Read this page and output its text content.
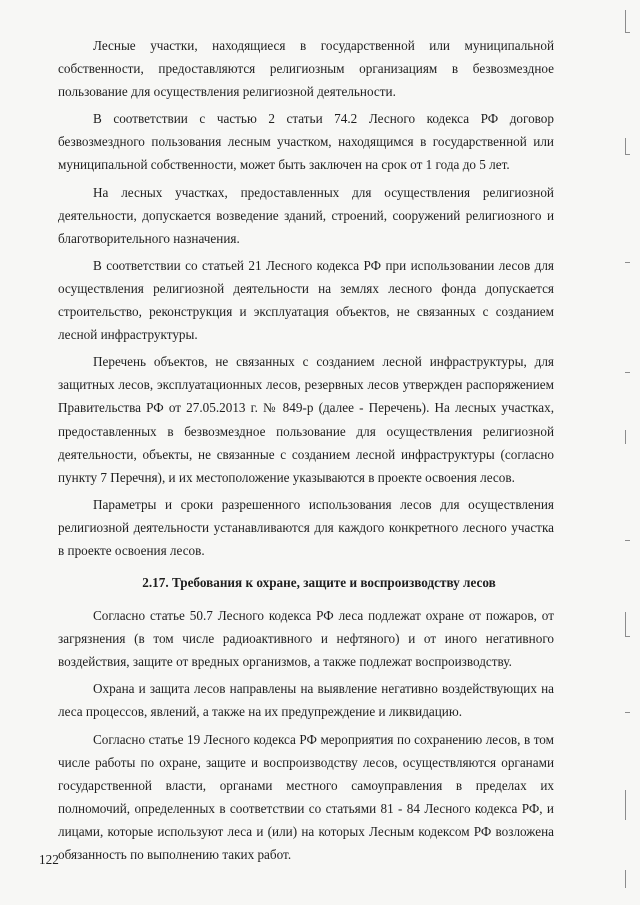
Лесные участки, находящиеся в государственной или муниципальной собственности, предоставляются религиозным организациям в безвозмездное пользование для осуществления религиозной деятельности.

В соответствии с частью 2 статьи 74.2 Лесного кодекса РФ договор безвозмездного пользования лесным участком, находящимся в государственной или муниципальной собственности, может быть заключен на срок от 1 года до 5 лет.

На лесных участках, предоставленных для осуществления религиозной деятельности, допускается возведение зданий, строений, сооружений религиозного и благотворительного назначения.

В соответствии со статьей 21 Лесного кодекса РФ при использовании лесов для осуществления религиозной деятельности на землях лесного фонда допускается строительство, реконструкция и эксплуатация объектов, не связанных с созданием лесной инфраструктуры.

Перечень объектов, не связанных с созданием лесной инфраструктуры, для защитных лесов, эксплуатационных лесов, резервных лесов утвержден распоряжением Правительства РФ от 27.05.2013 г. № 849-р (далее - Перечень). На лесных участках, предоставленных в безвозмездное пользование для осуществления религиозной деятельности, объекты, не связанные с созданием лесной инфраструктуры (согласно пункту 7 Перечня), и их местоположение указываются в проекте освоения лесов.

Параметры и сроки разрешенного использования лесов для осуществления религиозной деятельности устанавливаются для каждого конкретного лесного участка в проекте освоения лесов.

2.17. Требования к охране, защите и воспроизводству лесов

Согласно статье 50.7 Лесного кодекса РФ леса подлежат охране от пожаров, от загрязнения (в том числе радиоактивного и нефтяного) и от иного негативного воздействия, защите от вредных организмов, а также подлежат воспроизводству.

Охрана и защита лесов направлены на выявление негативно воздействующих на леса процессов, явлений, а также на их предупреждение и ликвидацию.

Согласно статье 19 Лесного кодекса РФ мероприятия по сохранению лесов, в том числе работы по охране, защите и воспроизводству лесов, осуществляются органами государственной власти, органами местного самоуправления в пределах их полномочий, определенных в соответствии со статьями 81 - 84 Лесного кодекса РФ, и лицами, которые используют леса и (или) на которых Лесным кодексом РФ возложена обязанность по выполнению таких работ.

122
